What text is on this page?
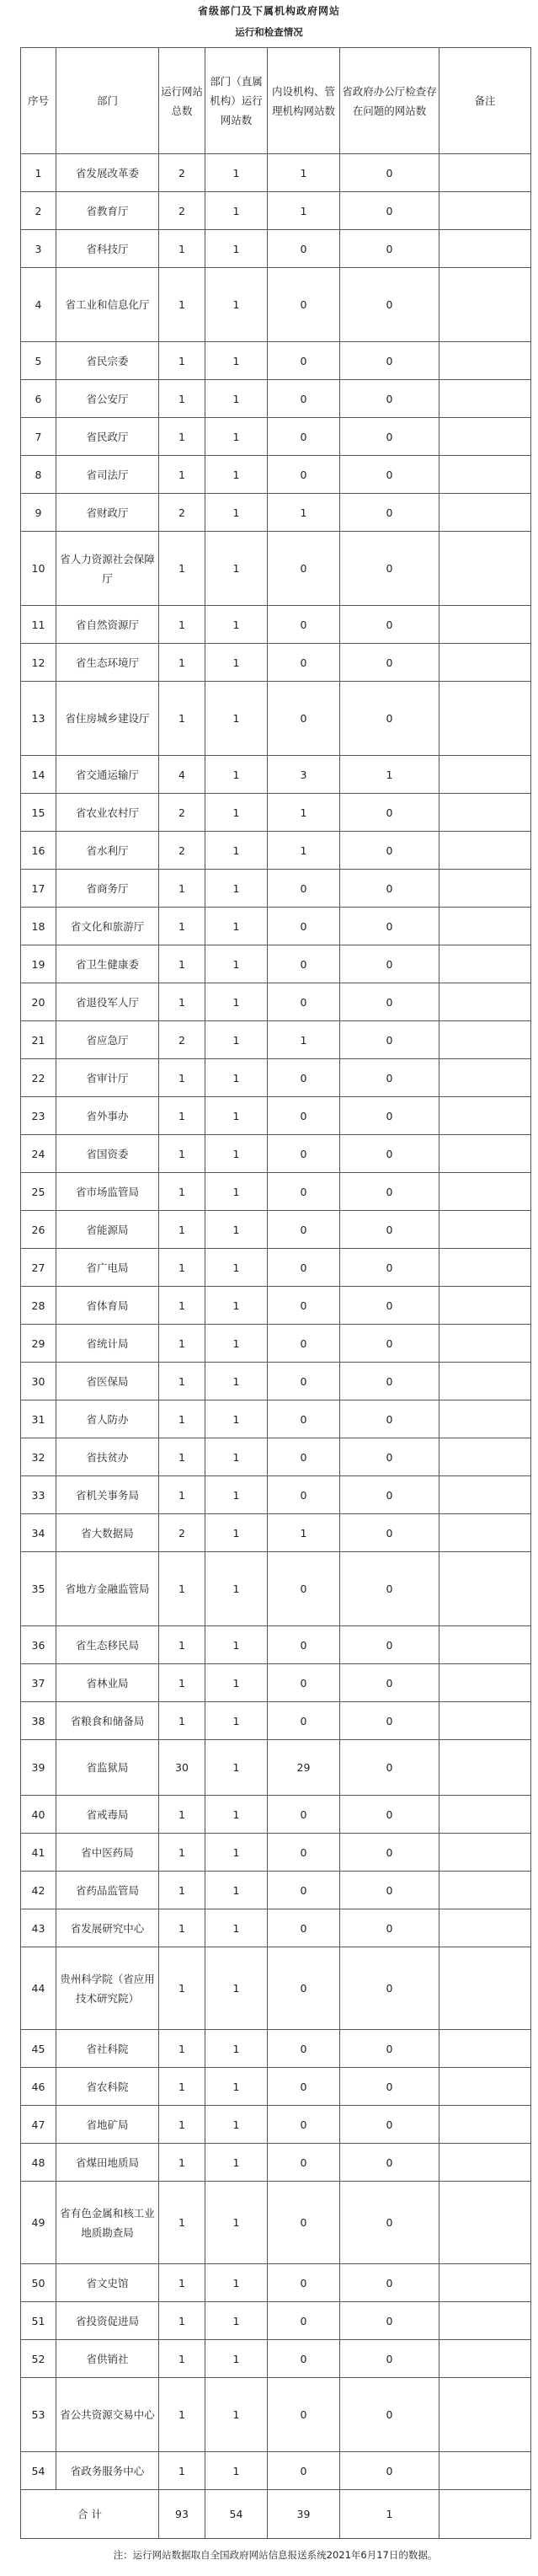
省级部门及下属机构政府网站
运行和检查情况
序号	部门	运行网站总数	部门（直属机构）运行网站数	内设机构、管理机构网站数	省政府办公厅检查存在问题的网站数	备注
1	省发展改革委	2	1	1	0	
2	省教育厅	2	1	1	0	
3	省科技厅	1	1	0	0	
4	省工业和信息化厅	1	1	0	0	
5	省民宗委	1	1	0	0	
6	省公安厅	1	1	0	0	
7	省民政厅	1	1	0	0	
8	省司法厅	1	1	0	0	
9	省财政厅	2	1	1	0	
10	省人力资源社会保障厅	1	1	0	0	
11	省自然资源厅	1	1	0	0	
12	省生态环境厅	1	1	0	0	
13	省住房城乡建设厅	1	1	0	0	
14	省交通运输厅	4	1	3	1	
15	省农业农村厅	2	1	1	0	
16	省水利厅	2	1	1	0	
17	省商务厅	1	1	0	0	
18	省文化和旅游厅	1	1	0	0	
19	省卫生健康委	1	1	0	0	
20	省退役军人厅	1	1	0	0	
21	省应急厅	2	1	1	0	
22	省审计厅	1	1	0	0	
23	省外事办	1	1	0	0	
24	省国资委	1	1	0	0	
25	省市场监管局	1	1	0	0	
26	省能源局	1	1	0	0	
27	省广电局	1	1	0	0	
28	省体育局	1	1	0	0	
29	省统计局	1	1	0	0	
30	省医保局	1	1	0	0	
31	省人防办	1	1	0	0	
32	省扶贫办	1	1	0	0	
33	省机关事务局	1	1	0	0	
34	省大数据局	2	1	1	0	
35	省地方金融监管局	1	1	0	0	
36	省生态移民局	1	1	0	0	
37	省林业局	1	1	0	0	
38	省粮食和储备局	1	1	0	0	
39	省监狱局	30	1	29	0	
40	省戒毒局	1	1	0	0	
41	省中医药局	1	1	0	0	
42	省药品监管局	1	1	0	0	
43	省发展研究中心	1	1	0	0	
44	贵州科学院（省应用技术研究院）	1	1	0	0	
45	省社科院	1	1	0	0	
46	省农科院	1	1	0	0	
47	省地矿局	1	1	0	0	
48	省煤田地质局	1	1	0	0	
49	省有色金属和核工业地质勘查局	1	1	0	0	
50	省文史馆	1	1	0	0	
51	省投资促进局	1	1	0	0	
52	省供销社	1	1	0	0	
53	省公共资源交易中心	1	1	0	0	
54	省政务服务中心	1	1	0	0	
合 计		93	54	39	1	
注：运行网站数据取自全国政府网站信息报送系统2021年6月17日的数据。
